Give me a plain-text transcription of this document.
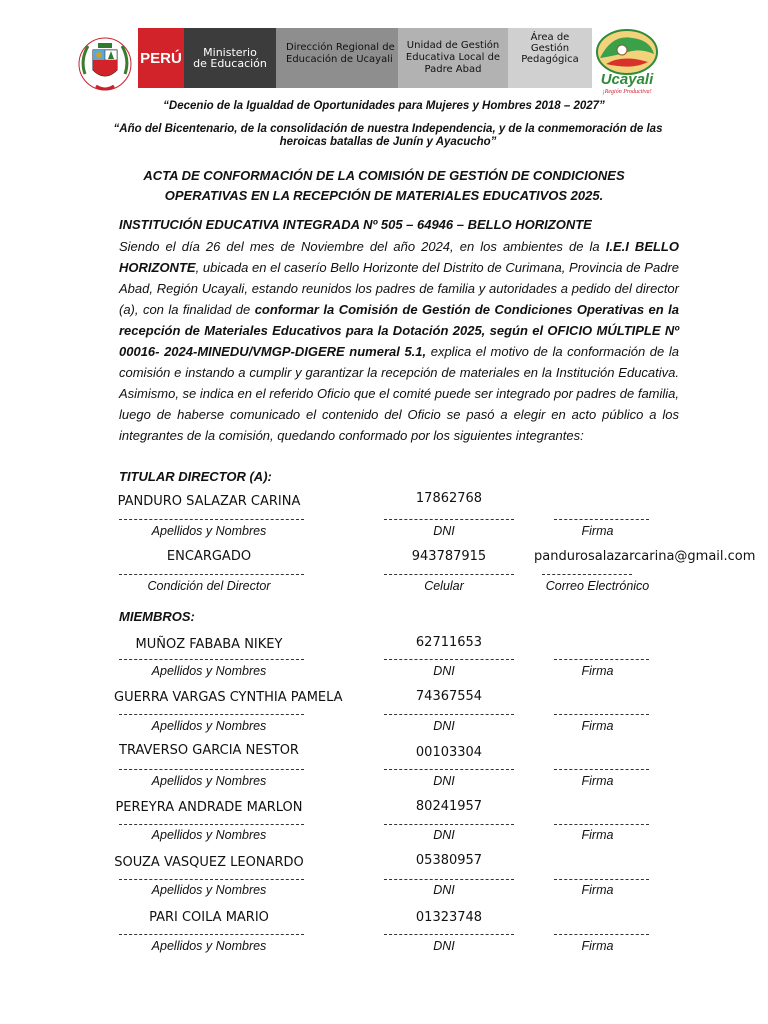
PERÚ	Ministerio
de Educación
Dirección Regional de Educación de Ucayali
Unidad de Gestión
Educativa Local de
Padre Abad
Área de
Gestión
Pedagógica
Ucayali
¡Región Productiva!
“Decenio de la Igualdad de Oportunidades para Mujeres y Hombres 2018 – 2027”
“Año del Bicentenario, de la consolidación de nuestra Independencia, y de la conmemoración de las heroicas batallas de Junín y Ayacucho”
ACTA DE CONFORMACIÓN DE LA COMISIÓN DE GESTIÓN DE CONDICIONES
OPERATIVAS EN LA RECEPCIÓN DE MATERIALES EDUCATIVOS 2025.
INSTITUCIÓN EDUCATIVA INTEGRADA Nº 505 – 64946 – BELLO HORIZONTE
Siendo el día 26 del mes de Noviembre del año 2024, en los ambientes de la I.E.I BELLO HORIZONTE, ubicada en el caserío Bello Horizonte del Distrito de Curimana, Provincia de Padre Abad, Región Ucayali, estando reunidos los padres de familia y autoridades a pedido del director (a), con la finalidad de conformar la Comisión de Gestión de Condiciones Operativas en la recepción de Materiales Educativos para la Dotación 2025, según el OFICIO MÚLTIPLE Nº 00016- 2024-MINEDU/VMGP-DIGERE numeral 5.1, explica el motivo de la conformación de la comisión e instando a cumplir y garantizar la recepción de materiales en la Institución Educativa. Asimismo, se indica en el referido Oficio que el comité puede ser integrado por padres de familia, luego de haberse comunicado el contenido del Oficio se pasó a elegir en acto público a los integrantes de la comisión, quedando conformado por los siguientes integrantes:
TITULAR DIRECTOR (A):
PANDURO SALAZAR CARINA	17862768
Apellidos y Nombres	DNI	Firma
ENCARGADO	943787915	pandurosalazarcarina@gmail.com
Condición del Director	Celular	Correo Electrónico
MIEMBROS:
MUÑOZ FABABA NIKEY	62711653
Apellidos y Nombres	DNI	Firma
GUERRA VARGAS CYNTHIA PAMELA	74367554
Apellidos y Nombres	DNI	Firma
TRAVERSO GARCIA NESTOR	00103304
Apellidos y Nombres	DNI	Firma
PEREYRA ANDRADE MARLON	80241957
Apellidos y Nombres	DNI	Firma
SOUZA VASQUEZ LEONARDO	05380957
Apellidos y Nombres	DNI	Firma
PARI COILA MARIO	01323748
Apellidos y Nombres	DNI	Firma
